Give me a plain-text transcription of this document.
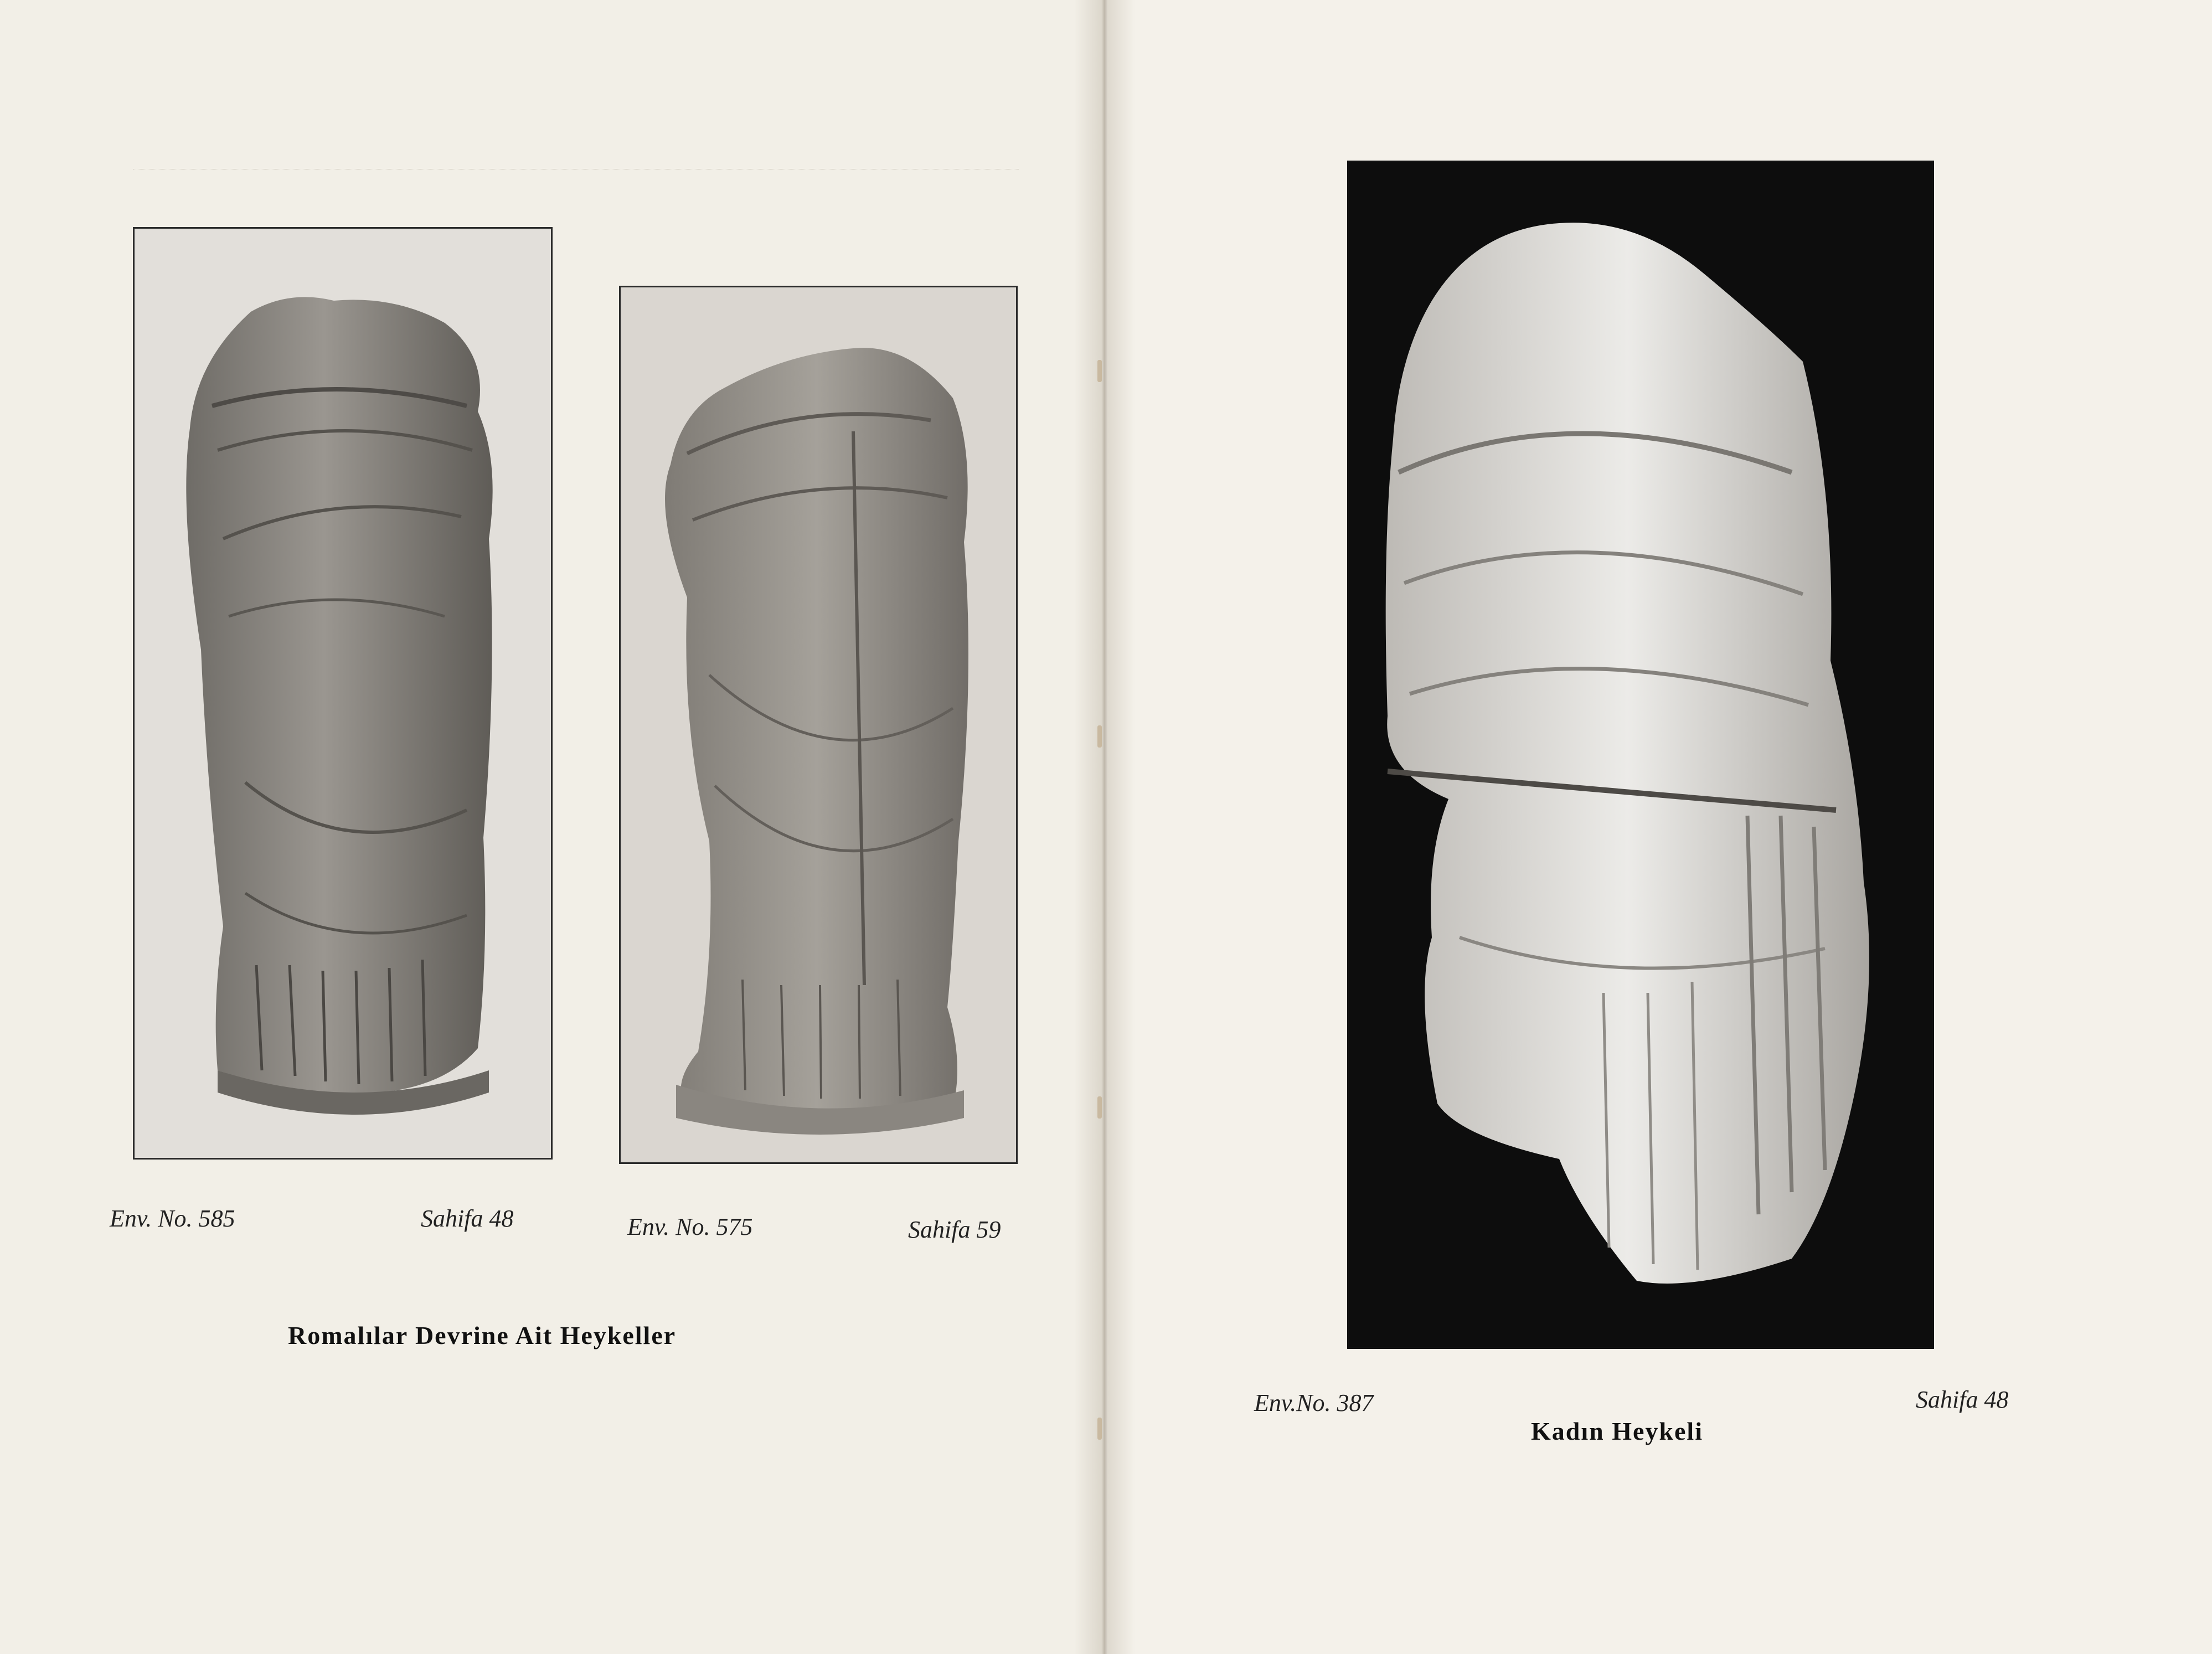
Env. No. 585	Sahifa 48	Env. No. 575	Sahifa 59
Romalılar Devrine Ait Heykeller
Env.No. 387	Sahifa 48
Kadın Heykeli
